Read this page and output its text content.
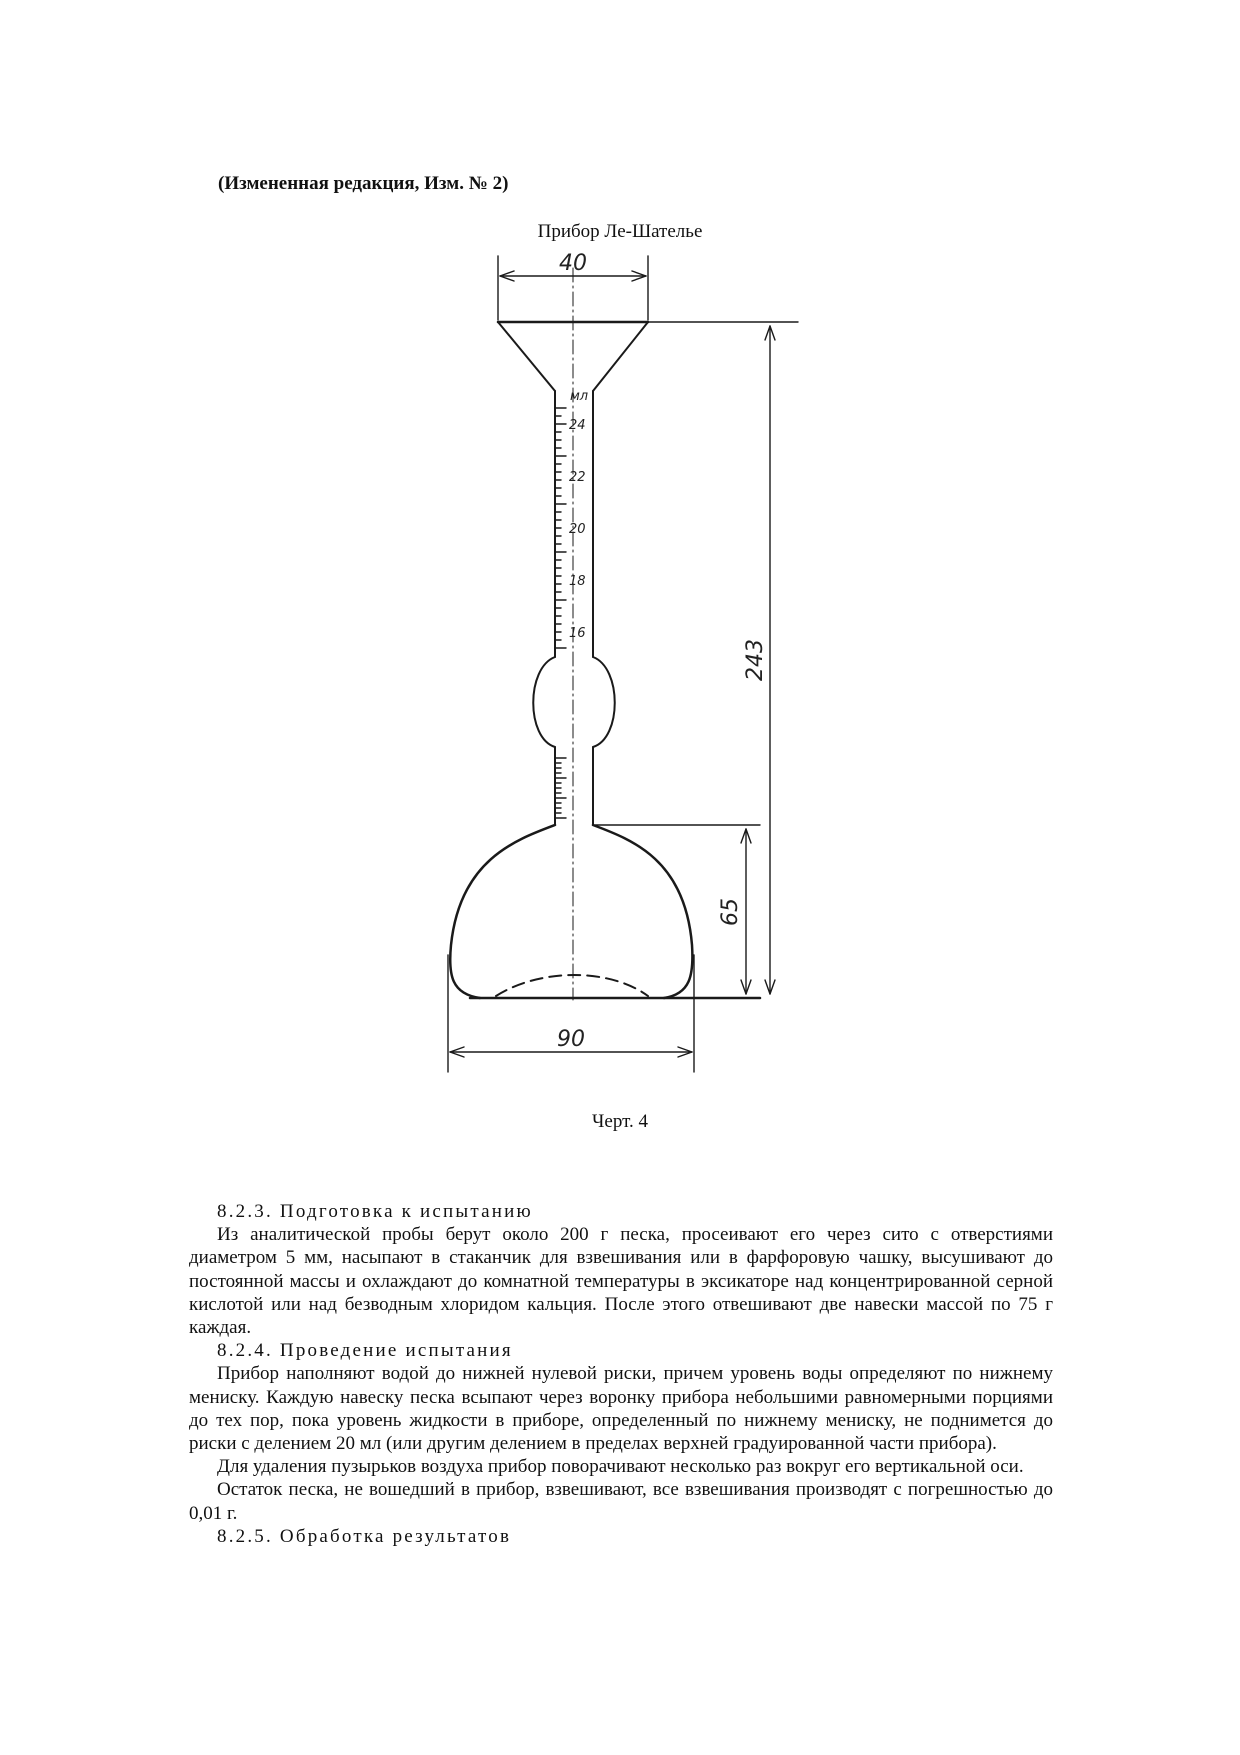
(Измененная редакция, Изм. № 2)
Прибор Ле-Шателье
40
90
243
65
мл
24
22
20
18
16
Черт. 4

8.2.3. Подготовка к испытанию

Из аналитической пробы берут около 200 г песка, просеивают его через сито с отверстиями диаметром 5 мм, насыпают в стаканчик для взвешивания или в фарфоровую чашку, высушивают до постоянной массы и охлаждают до комнатной температуры в эксикаторе над концентрированной серной кислотой или над безводным хлоридом кальция. После этого отвешивают две навески массой по 75 г каждая.

8.2.4. Проведение испытания

Прибор наполняют водой до нижней нулевой риски, причем уровень воды определяют по нижнему мениску. Каждую навеску песка всыпают через воронку прибора небольшими равномерными порциями до тех пор, пока уровень жидкости в приборе, определенный по нижнему мениску, не поднимется до риски с делением 20 мл (или другим делением в пределах верхней градуированной части прибора).

Для удаления пузырьков воздуха прибор поворачивают несколько раз вокруг его вертикальной оси.

Остаток песка, не вошедший в прибор, взвешивают, все взвешивания производят с погрешностью до 0,01 г.

8.2.5. Обработка результатов
